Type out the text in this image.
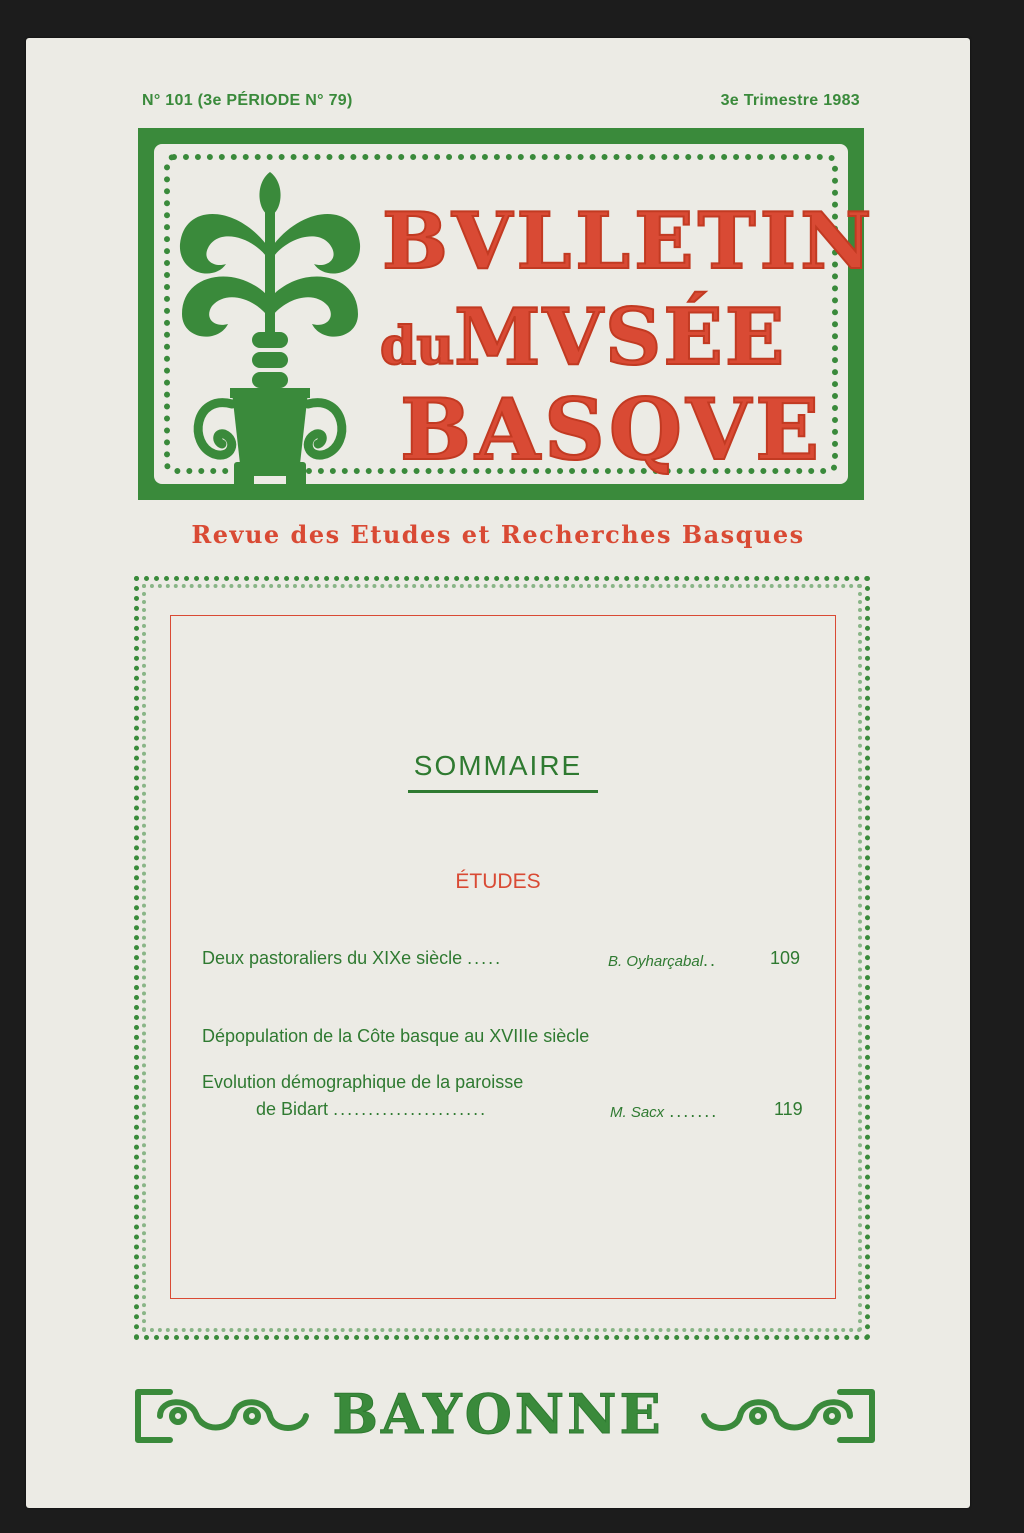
N° 101 (3e PÉRIODE N° 79)	3e Trimestre 1983
BVLLETIN
duMVSÉE
BASQVE
Revue des Etudes et Recherches Basques
SOMMAIRE
ÉTUDES
Deux pastoraliers du XIXe siècle .....	B. Oyharçabal..	109
Dépopulation de la Côte basque au XVIIIe siècle
Evolution démographique de la paroisse
de Bidart ......................	M. Sacx .......	119
BAYONNE
